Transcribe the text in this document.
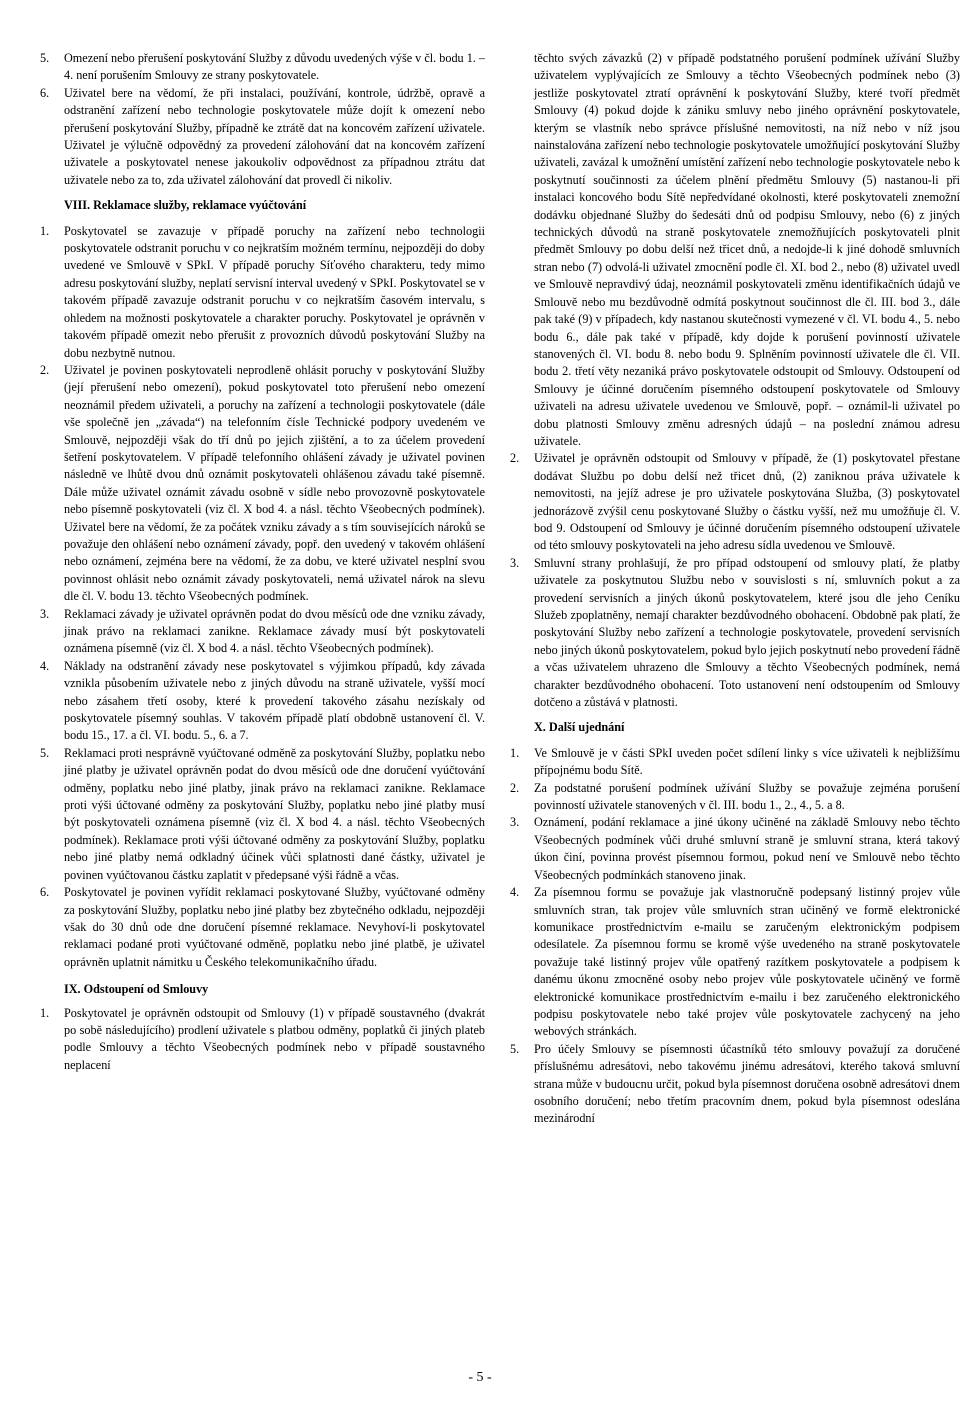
5.	Omezení nebo přerušení poskytování Služby z důvodu uvedených výše v čl. bodu 1. – 4. není porušením Smlouvy ze strany poskytovatele.
6.	Uživatel bere na vědomí, že při instalaci, používání, kontrole, údržbě, opravě a odstranění zařízení nebo technologie poskytovatele může dojít k omezení nebo přerušení poskytování Služby, případně ke ztrátě dat na koncovém zařízení uživatele. Uživatel je výlučně odpovědný za provedení zálohování dat na koncovém zařízení uživatele a poskytovatel nenese jakoukoliv odpovědnost za případnou ztrátu dat uživatele nebo za to, zda uživatel zálohování dat provedl či nikoliv.
VIII. Reklamace služby, reklamace vyúčtování
1.	Poskytovatel se zavazuje v případě poruchy na zařízení nebo technologii poskytovatele odstranit poruchu v co nejkratším možném termínu, nejpozději do doby uvedené ve Smlouvě v SPkI. V případě poruchy Síťového charakteru, tedy mimo adresu poskytování služby, neplatí servisní interval uvedený v SPkI. Poskytovatel se v takovém případě zavazuje odstranit poruchu v co nejkratším časovém intervalu, s ohledem na možnosti poskytovatele a charakter poruchy. Poskytovatel je oprávněn v takovém případě omezit nebo přerušit z provozních důvodů poskytování Služby na dobu nezbytně nutnou.
2.	Uživatel je povinen poskytovateli neprodleně ohlásit poruchy v poskytování Služby (její přerušení nebo omezení), pokud poskytovatel toto přerušení nebo omezení neoznámil předem uživateli, a poruchy na zařízení a technologii poskytovatele (dále vše společně jen „závada“) na telefonním čísle Technické podpory uvedeném ve Smlouvě, nejpozději však do tří dnů po jejich zjištění, a to za účelem provedení šetření poskytovatelem. V případě telefonního ohlášení závady je uživatel povinen následně ve lhůtě dvou dnů oznámit poskytovateli ohlášenou závadu také písemně. Dále může uživatel oznámit závadu osobně v sídle nebo provozovně poskytovatele nebo písemně poskytovateli (viz čl. X bod 4. a násl. těchto Všeobecných podmínek). Uživatel bere na vědomí, že za počátek vzniku závady a s tím souvisejících nároků se považuje den ohlášení nebo oznámení závady, popř. den uvedený v takovém ohlášení nebo oznámení, zejména bere na vědomí, že za dobu, ve které uživatel nesplní svou povinnost ohlásit nebo oznámit závady poskytovateli, nemá uživatel nárok na slevu dle čl. V. bodu 13. těchto Všeobecných podmínek.
3.	Reklamaci závady je uživatel oprávněn podat do dvou měsíců ode dne vzniku závady, jinak právo na reklamaci zanikne. Reklamace závady musí být poskytovateli oznámena písemně (viz čl. X bod 4. a násl. těchto Všeobecných podmínek).
4.	Náklady na odstranění závady nese poskytovatel s výjimkou případů, kdy závada vznikla působením uživatele nebo z jiných důvodu na straně uživatele, vyšší mocí nebo zásahem třetí osoby, které k provedení takového zásahu nezískaly od poskytovatele písemný souhlas. V takovém případě platí obdobně ustanovení čl. V. bodu 15., 17. a čl. VI. bodu. 5., 6. a 7.
5.	Reklamaci proti nesprávně vyúčtované odměně za poskytování Služby, poplatku nebo jiné platby je uživatel oprávněn podat do dvou měsíců ode dne doručení vyúčtování odměny, poplatku nebo jiné platby, jinak právo na reklamaci zanikne. Reklamace proti výši účtované odměny za poskytování Služby, poplatku nebo jiné platby musí být poskytovateli oznámena písemně (viz čl. X bod 4. a násl. těchto Všeobecných podmínek). Reklamace proti výši účtované odměny za poskytování Služby, poplatku nebo jiné platby nemá odkladný účinek vůči splatnosti dané částky, uživatel je povinen vyúčtovanou částku zaplatit v předepsané výši řádně a včas.
6.	Poskytovatel je povinen vyřídit reklamaci poskytované Služby, vyúčtované odměny za poskytování Služby, poplatku nebo jiné platby bez zbytečného odkladu, nejpozději však do 30 dnů ode dne doručení písemné reklamace. Nevyhoví-li poskytovatel reklamaci podané proti vyúčtované odměně, poplatku nebo jiné platbě, je uživatel oprávněn uplatnit námitku u Českého telekomunikačního úřadu.
IX. Odstoupení od Smlouvy
1.	Poskytovatel je oprávněn odstoupit od Smlouvy (1) v případě soustavného (dvakrát po sobě následujícího) prodlení uživatele s platbou odměny, poplatků či jiných plateb podle Smlouvy a těchto Všeobecných podmínek nebo v případě soustavného neplacení

těchto svých závazků (2) v případě podstatného porušení podmínek užívání Služby uživatelem vyplývajících ze Smlouvy a těchto Všeobecných podmínek nebo (3) jestliže poskytovatel ztratí oprávnění k poskytování Služby, které tvoří předmět Smlouvy (4) pokud dojde k zániku smluvy nebo jiného oprávnění poskytovatele, kterým se vlastník nebo správce příslušné nemovitosti, na níž nebo v níž jsou nainstalována zařízení nebo technologie poskytovatele umožňující poskytování Služby uživateli, zavázal k umožnění umístění zařízení nebo technologie poskytovatele nebo k poskytnutí součinnosti za účelem plnění předmětu Smlouvy (5) nastanou-li při instalaci koncového bodu Sítě nepředvídané okolnosti, které poskytovateli znemožní dodávku objednané Služby do šedesáti dnů od podpisu Smlouvy, nebo (6) z jiných technických důvodů na straně poskytovatele znemožňujících poskytovateli plnit předmět Smlouvy po dobu delší než třicet dnů, a nedojde-li k jiné dohodě smluvních stran nebo (7) odvolá-li uživatel zmocnění podle čl. XI. bod 2., nebo (8) uživatel uvedl ve Smlouvě nepravdivý údaj, neoznámil poskytovateli změnu identifikačních údajů ve Smlouvě nebo mu bezdůvodně odmítá poskytnout součinnost dle čl. III. bod 3., dále pak také (9) v případech, kdy nastanou skutečnosti vymezené v čl. VI. bodu 4., 5. nebo bodu 6., dále pak také v případě, kdy dojde k porušení povinností uživatele stanovených čl. VI. bodu 8. nebo bodu 9. Splněním povinností uživatele dle čl. VII. bodu 2. třetí věty nezaniká právo poskytovatele odstoupit od Smlouvy. Odstoupení od Smlouvy je účinné doručením písemného odstoupení poskytovatele od Smlouvy uživateli na adresu uživatele uvedenou ve Smlouvě, popř. – oznámil-li uživatel po dobu platnosti Smlouvy změnu adresných údajů – na poslední známou adresu uživatele.

2.	Uživatel je oprávněn odstoupit od Smlouvy v případě, že (1) poskytovatel přestane dodávat Službu po dobu delší než třicet dnů, (2) zaniknou práva uživatele k nemovitosti, na jejíž adrese je pro uživatele poskytována Služba, (3) poskytovatel jednorázově zvýšil cenu poskytované Služby o částku vyšší, než mu umožňuje čl. V. bod 9. Odstoupení od Smlouvy je účinné doručením písemného odstoupení uživatele od této smlouvy poskytovateli na jeho adresu sídla uvedenou ve Smlouvě.
3.	Smluvní strany prohlašují, že pro případ odstoupení od smlouvy platí, že platby uživatele za poskytnutou Službu nebo v souvislosti s ní, smluvních pokut a za provedení servisních a jiných úkonů poskytovatelem, které jsou dle jeho Ceníku Služeb zpoplatněny, nemají charakter bezdůvodného obohacení. Obdobně pak platí, že poskytování Služby nebo zařízení a technologie poskytovatele, provedení servisních nebo jiných úkonů poskytovatelem, pokud bylo jejich poskytnutí nebo provedení řádně a včas uživatelem uhrazeno dle Smlouvy a těchto Všeobecných podmínek, nemá charakter bezdůvodného obohacení. Toto ustanovení není odstoupením od Smlouvy dotčeno a zůstává v platnosti.
X. Další ujednání
1.	Ve Smlouvě je v části SPkI uveden počet sdílení linky s více uživateli k nejbližšímu přípojnému bodu Sítě.
2.	Za podstatné porušení podmínek užívání Služby se považuje zejména porušení povinností uživatele stanovených v čl. III. bodu 1., 2., 4., 5. a 8.
3.	Oznámení, podání reklamace a jiné úkony učiněné na základě Smlouvy nebo těchto Všeobecných podmínek vůči druhé smluvní straně je smluvní strana, která takový úkon činí, povinna provést písemnou formou, pokud není ve Smlouvě nebo těchto Všeobecných podmínkách stanoveno jinak.
4.	Za písemnou formu se považuje jak vlastnoručně podepsaný listinný projev vůle smluvních stran, tak projev vůle smluvních stran učiněný ve formě elektronické komunikace prostřednictvím e-mailu se zaručeným elektronickým podpisem odesílatele. Za písemnou formu se kromě výše uvedeného na straně poskytovatele považuje také listinný projev vůle opatřený razítkem poskytovatele a podpisem k danému úkonu zmocněné osoby nebo projev vůle poskytovatele učiněný ve formě elektronické komunikace prostřednictvím e-mailu i bez zaručeného elektronického podpisu poskytovatele nebo také projev vůle poskytovatele zachycený na jeho webových stránkách.
5.	Pro účely Smlouvy se písemnosti účastníků této smlouvy považují za doručené příslušnému adresátovi, nebo takovému jinému adresátovi, kterého taková smluvní strana může v budoucnu určit, pokud byla písemnost doručena osobně adresátovi dnem osobního doručení; nebo třetím pracovním dnem, pokud byla písemnost odeslána mezinárodní
- 5 -
